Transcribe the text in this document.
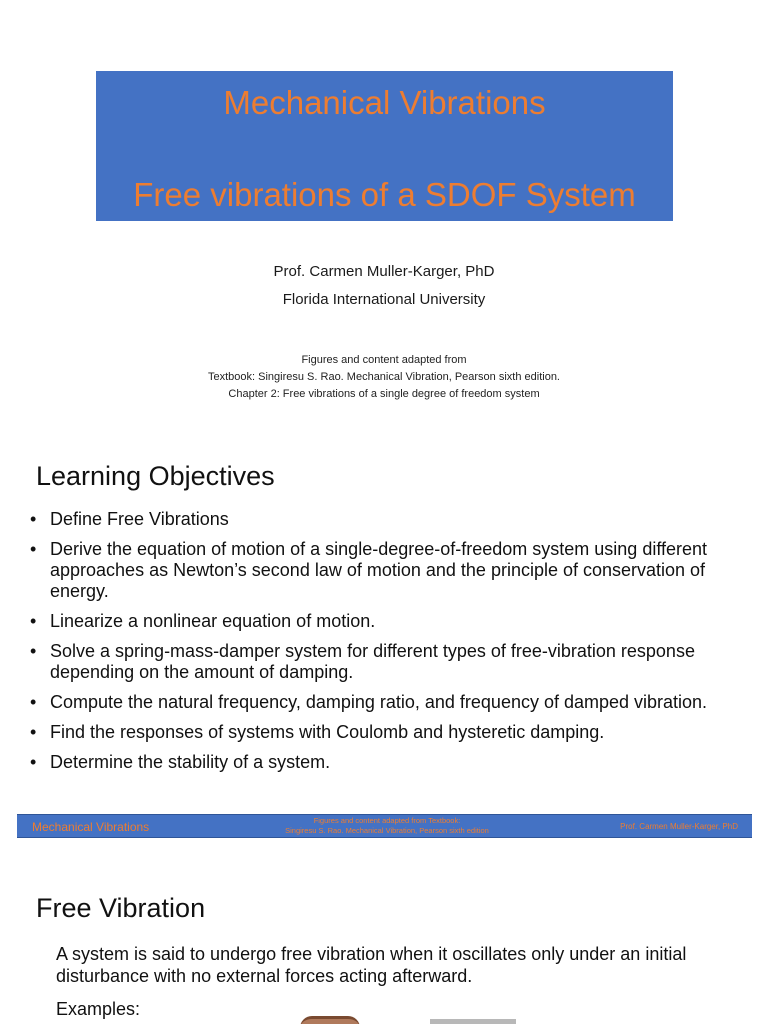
Mechanical Vibrations
Free vibrations of a SDOF System
Prof. Carmen Muller-Karger, PhD
Florida International University
Figures and content adapted from
Textbook: Singiresu S. Rao. Mechanical Vibration, Pearson sixth edition.
Chapter 2: Free vibrations of a single degree of freedom system
Learning Objectives
• Define Free Vibrations
• Derive the equation of motion of a single-degree-of-freedom system using different approaches as Newton’s second law of motion and the principle of conservation of energy.
• Linearize a nonlinear equation of motion.
• Solve a spring-mass-damper system for different types of free-vibration response depending on the amount of damping.
• Compute the natural frequency, damping ratio, and frequency of damped vibration.
• Find the responses of systems with Coulomb and hysteretic damping.
• Determine the stability of a system.
Mechanical Vibrations	Figures and content adapted from Textbook:
Singiresu S. Rao. Mechanical Vibration, Pearson sixth edition	Prof. Carmen Muller-Karger, PhD
Free Vibration
A system is said to undergo free vibration when it oscillates only under an initial disturbance with no external forces acting afterward.
Examples:
